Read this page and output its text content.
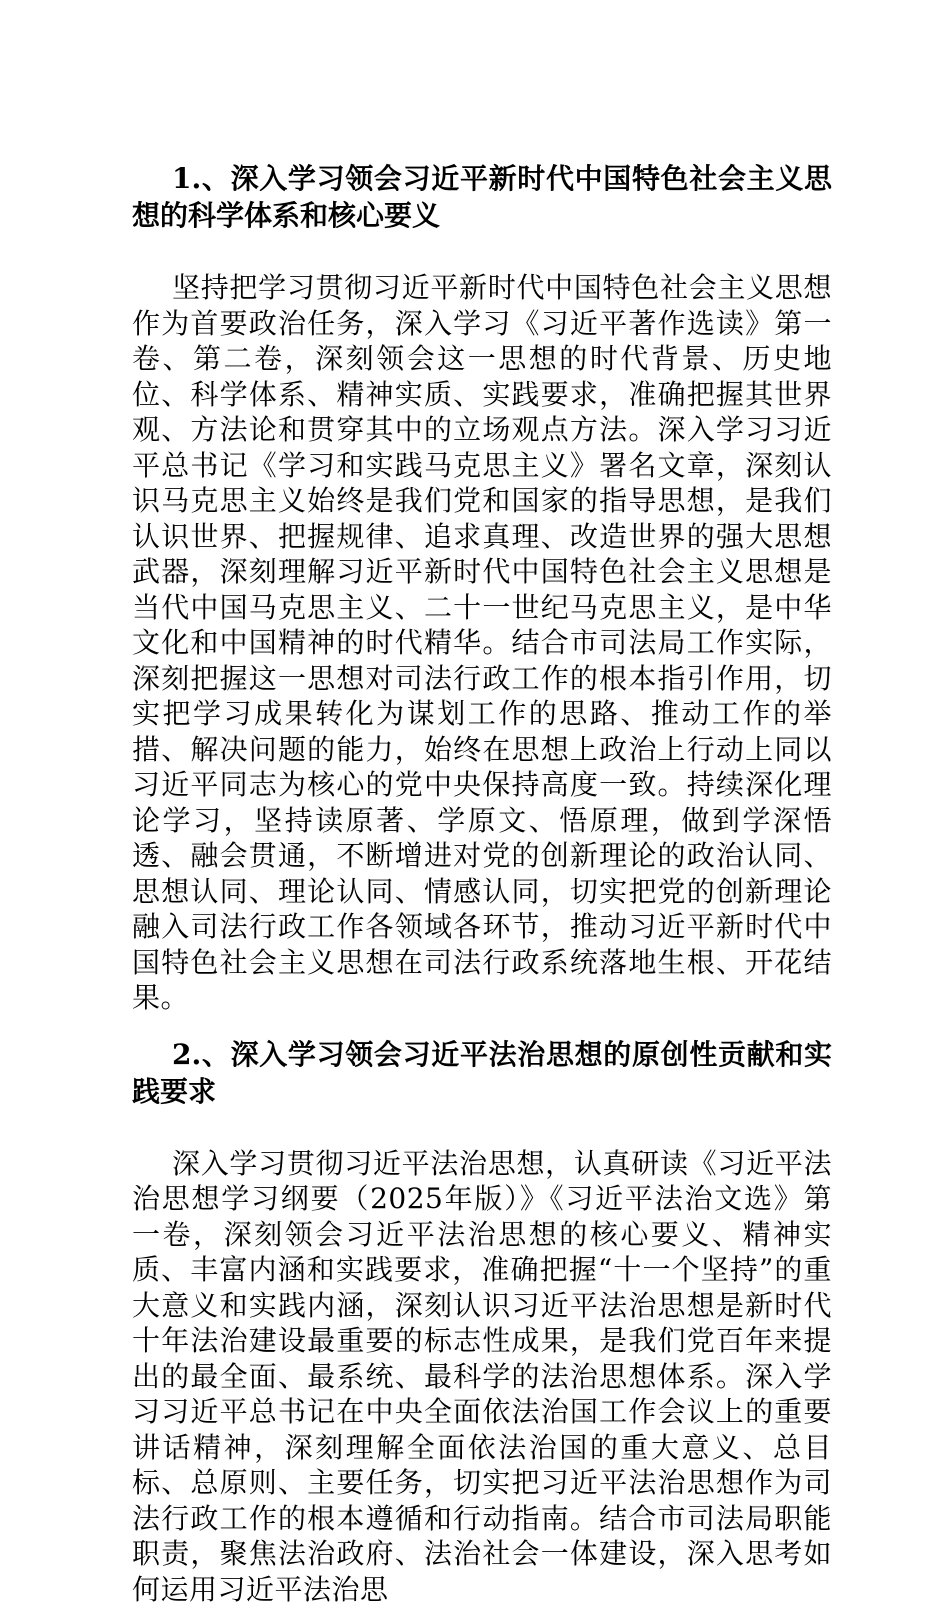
1.、深入学习领会习近平新时代中国特色社会主义思想的科学体系和核心要义

坚持把学习贯彻习近平新时代中国特色社会主义思想作为首要政治任务，深入学习《习近平著作选读》第一卷、第二卷，深刻领会这一思想的时代背景、历史地位、科学体系、精神实质、实践要求，准确把握其世界观、方法论和贯穿其中的立场观点方法。深入学习习近平总书记《学习和实践马克思主义》署名文章，深刻认识马克思主义始终是我们党和国家的指导思想，是我们认识世界、把握规律、追求真理、改造世界的强大思想武器，深刻理解习近平新时代中国特色社会主义思想是当代中国马克思主义、二十一世纪马克思主义，是中华文化和中国精神的时代精华。结合市司法局工作实际，深刻把握这一思想对司法行政工作的根本指引作用，切实把学习成果转化为谋划工作的思路、推动工作的举措、解决问题的能力，始终在思想上政治上行动上同以习近平同志为核心的党中央保持高度一致。持续深化理论学习，坚持读原著、学原文、悟原理，做到学深悟透、融会贯通，不断增进对党的创新理论的政治认同、思想认同、理论认同、情感认同，切实把党的创新理论融入司法行政工作各领域各环节，推动习近平新时代中国特色社会主义思想在司法行政系统落地生根、开花结果。

2.、深入学习领会习近平法治思想的原创性贡献和实践要求

深入学习贯彻习近平法治思想，认真研读《习近平法治思想学习纲要（2025年版）》《习近平法治文选》第一卷，深刻领会习近平法治思想的核心要义、精神实质、丰富内涵和实践要求，准确把握“十一个坚持”的重大意义和实践内涵，深刻认识习近平法治思想是新时代十年法治建设最重要的标志性成果，是我们党百年来提出的最全面、最系统、最科学的法治思想体系。深入学习习近平总书记在中央全面依法治国工作会议上的重要讲话精神，深刻理解全面依法治国的重大意义、总目标、总原则、主要任务，切实把习近平法治思想作为司法行政工作的根本遵循和行动指南。结合市司法局职能职责，聚焦法治政府、法治社会一体建设，深入思考如何运用习近平法治思
